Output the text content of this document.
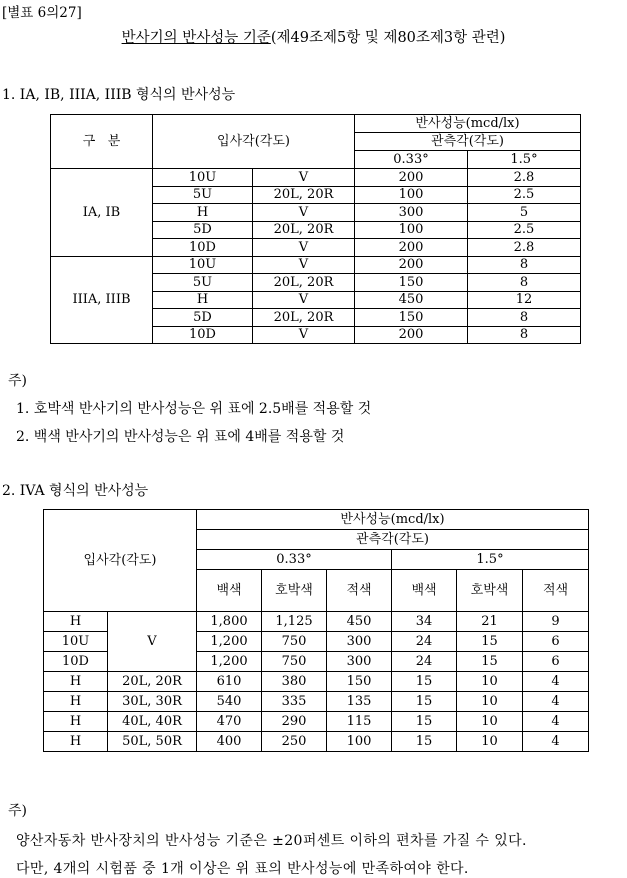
[별표 6의27]
반사기의 반사성능 기준(제49조제5항 및 제80조제3항 관련)
1. IA, IB, IIIA, IIIB 형식의 반사성능
구   분	입사각(각도)		반사성능(mcd/lx)	
			관측각(각도)	
			0.33°	1.5°
IA, IB	10U	V	200	2.8
	5U	20L, 20R	100	2.5
	H	V	300	5
	5D	20L, 20R	100	2.5
	10D	V	200	2.8
IIIA, IIIB	10U	V	200	8
	5U	20L, 20R	150	8
	H	V	450	12
	5D	20L, 20R	150	8
	10D	V	200	8
주)
1. 호박색 반사기의 반사성능은 위 표에 2.5배를 적용할 것
2. 백색 반사기의 반사성능은 위 표에 4배를 적용할 것
2. IVA 형식의 반사성능
입사각(각도)		반사성능(mcd/lx)					
		관측각(각도)					
		0.33°			1.5°		
		백색	호박색	적색	백색	호박색	적색
H	V	1,800	1,125	450	34	21	9
10U		1,200	750	300	24	15	6
10D		1,200	750	300	24	15	6
H	20L, 20R	610	380	150	15	10	4
H	30L, 30R	540	335	135	15	10	4
H	40L, 40R	470	290	115	15	10	4
H	50L, 50R	400	250	100	15	10	4
주)
양산자동차 반사장치의 반사성능 기준은 ±20퍼센트 이하의 편차를 가질 수 있다.
다만, 4개의 시험품 중 1개 이상은 위 표의 반사성능에 만족하여야 한다.
